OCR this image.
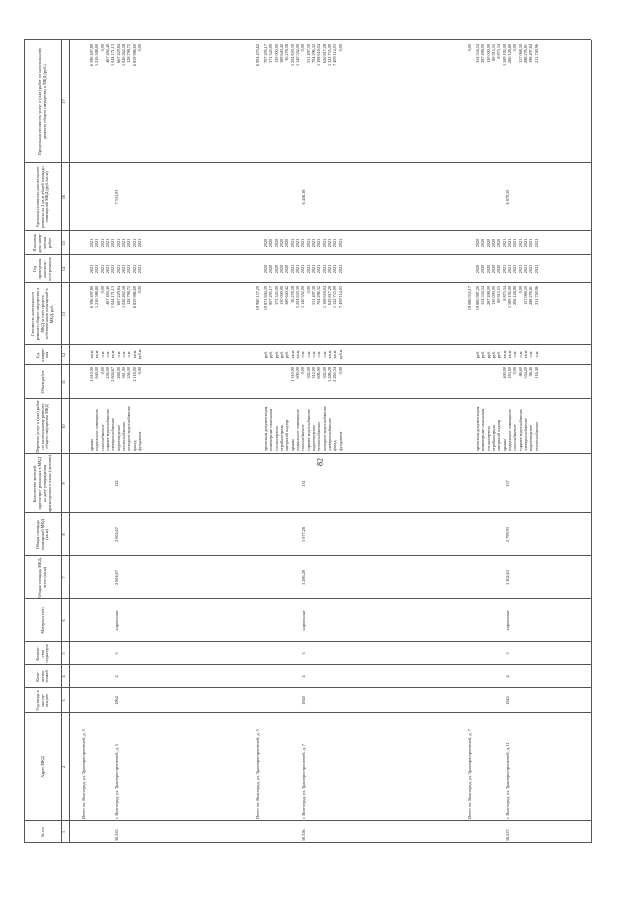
82
№ п/п
Адрес МКД
Год ввода в эксплу- атацию
Коли- чество этажей
Количе- ство подъездов
Материал стен
Общая площадь МКД, всего (кв.м)
Общая площадь помещений МКД (кв.м)
Количество жителей, зарегистри- рованных в МКД на дату утверждения краткосрочного плана (человек)
Перечень услуг и (или) работ по капитальному ремонту общего имущества МКД
Объем работ
Ед. измере- ния
Стоимость капитального ремонта общего имущества в МКД за счет средств собственников помещений в МКД, руб.
Год проведения капиталь- ного ремонта
Плановая дата завер- шения работ
Удельная стоимость капитального ремонта на 1 кв.м общей площади помещений МКД (руб./кв.м)
Предельная стоимость услуг и (или) работ по капитальному ремонту общего имущества в МКД (руб.)
1
2
3
4
5
6
7
8
9
10
11
12
13
14
15
16
17
Итого по: Волгоград, ул. Тракторостроителей, д. 3
56.355.
г. Волгоград, ул. Тракторостроителей, д. 5
1964
4
3
кирпичные
2 604,67
2 604,67
122
7 553,03
крыша подвальное помещение газоснабжение горячее водоснабжение электроснабжение водоотведение теплоснабжение холодное водоснабжение фасад фундамент
1 610,00 640,00 0,00 256,00 2 604,67 268,00 561,00 256,00 2 118,00 0,00
кв.м кв.м п.м п.м кв.м п.м п.м п.м кв.м куб.м
6 396 497,80 1 216 588,80 0,00 467 494,40 1 044 171,13 667 229,84 1 026 262,58 128 798,72 6 859 986,60 0,00
2021 2021 2021 2021 2021 2021 2021 2021 2021 2021
2021 2021 2021 2021 2021 2021 2021 2021 2021 2021
6 396 497,80 1 216 588,80 0,00 467 494,40 1 044 171,13 667 229,84 1 026 262,58 128 798,72 6 859 986,60 0,00
Итого по: Волгоград, ул. Тракторостроителей, д. 5
56.356.
г. Волгоград, ул. Тракторостроителей, д. 7
1940
4
3
кирпичные
3 286,28
3 077,28
131
6 456,18
проектная документация инженерные изыскания госэкспертиза стройконтроль авторский надзор крыша подвальное помещение газоснабжение горячее водоснабжение водоотведение теплоснабжение холодное водоснабжение электроснабжение фасад фундамент
1 310,00 600,00 0,00 302,00 312,00 606,00 302,00 3 286,28 2 265,34 0,00
руб. руб. руб. руб. руб. кв.м кв.м п.м п.м п.м п.м п.м кв.м кв.м куб.м
19 871 694,39 907 295,17 371 345,00 130 000,00 389 640,42 36 278,58 5 204 630,30 1 140 552,00 0,00 551 497,30 704 296,32 1 108 618,04 620 817,28 1 322 735,09 7 409 114,03
2020 2020 2020 2020 2020 2021 2021 2021 2021 2021 2021 2021 2021 2021 2021
2020 2020 2020 2020 2020 2021 2021 2021 2021 2021 2021 2021 2021 2021 2021
707 295,17 371 345,00 130 000,00 389 640,42 36 278,58 5 204 630,30 1 140 552,00 0,00 551 497,30 704 296,32 1 108 618,04 620 817,28 1 322 735,09 7 409 114,03 0,00
Итого по: Волгоград, ул. Тракторостроителей, д. 7
56.357.
г. Волгоград, ул. Тракторостроителей, д. 11
1945
4
5
кирпичные
3 362,63
2 799,93
157
6 879,50
проектная документация инженерные изыскания госэкспертиза стройконтроль авторский надзор крыша подвальное помещение газоснабжение горячее водоснабжение электроснабжение водоотведение теплоснабжение
400,00 163,00 0,00 86,60 554,20 98,40 116,40
руб. руб. руб. руб. руб. кв.м кв.м п.м п.м кв.м п.м п.м
19 880 987,20 354 534,54 287 498,00 130 000,00 89 915,55 8 875,34 1 589 192,00 266 128,80 0,00 157 068,50 288 276,81 211 740,96
2020 2020 2020 2020 2020 2021 2021 2021 2021 2021 2021 2021
2020 2020 2020 2020 2020 2021 2021 2021 2021 2021 2021 2021
354 534,54 287 498,00 130 000,00 89 915,55 8 875,34 1 589 192,00 266 128,80 0,00 157 068,50 288 276,81 198 497,84 211 740,96
19 980 157,20
6 994 475,62
19 086 035,17
0,00
